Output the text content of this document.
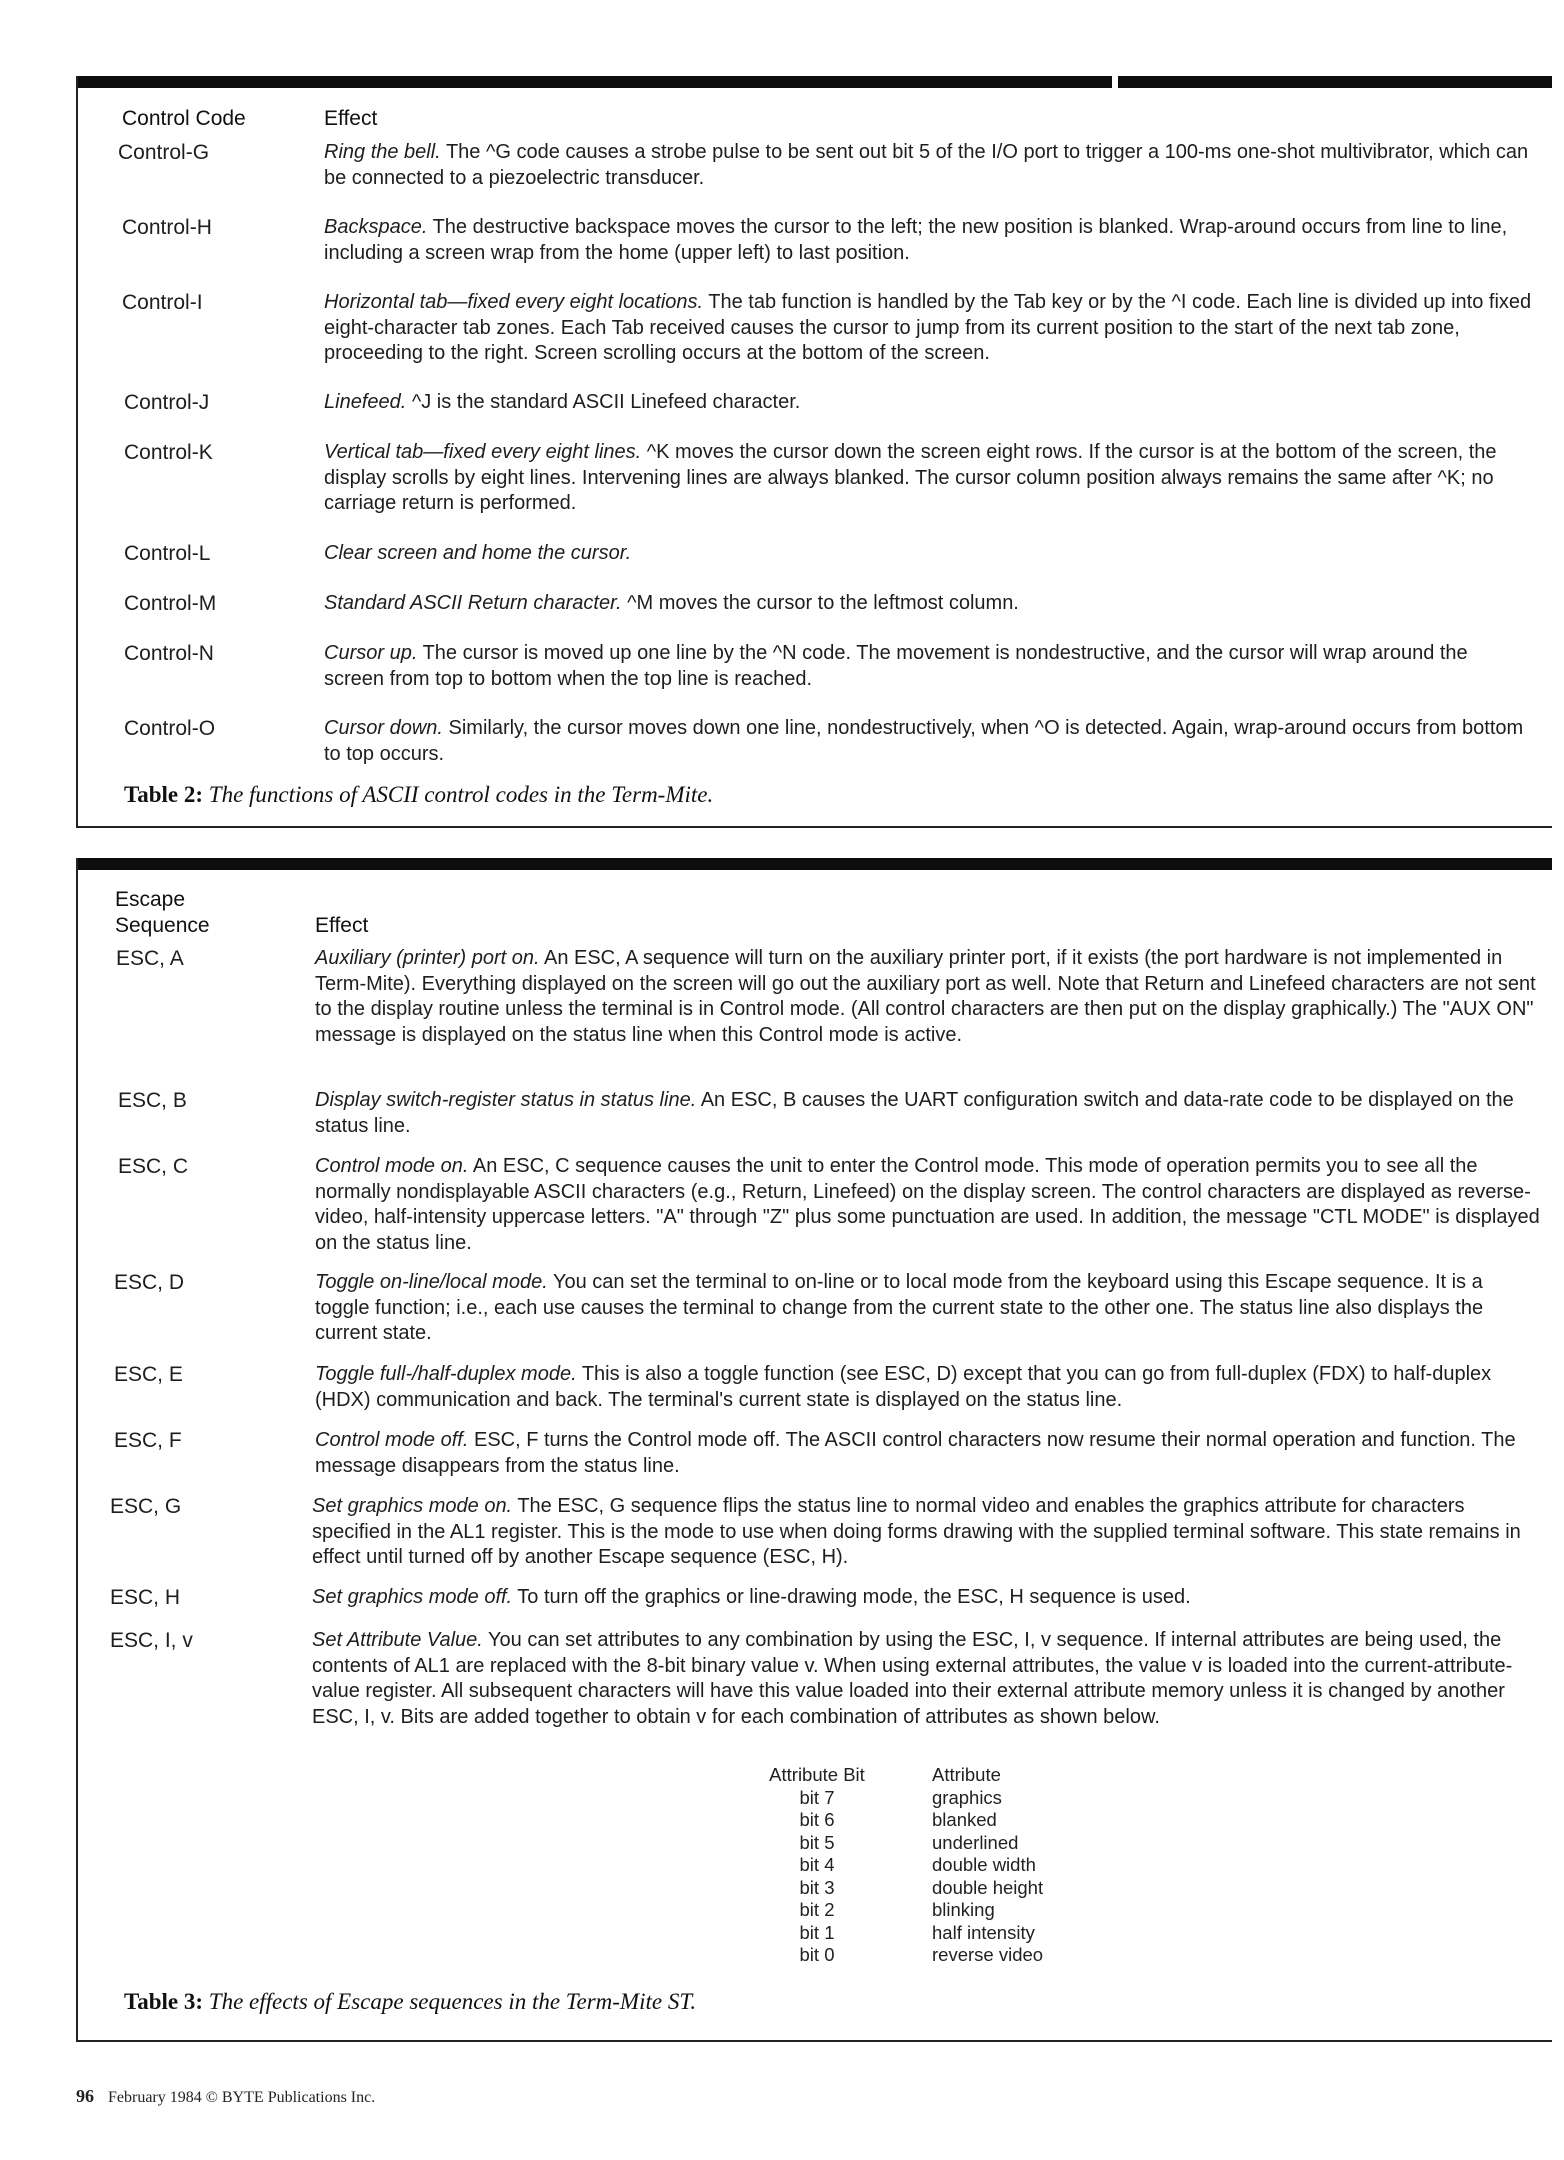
Control Code	Effect
Control-G	Ring the bell. The ^G code causes a strobe pulse to be sent out bit 5 of the I/O port to trigger a 100-ms one-shot multivibrator, which can be connected to a piezoelectric transducer.
Control-H	Backspace. The destructive backspace moves the cursor to the left; the new position is blanked. Wrap-around occurs from line to line, including a screen wrap from the home (upper left) to last position.
Control-I	Horizontal tab—fixed every eight locations. The tab function is handled by the Tab key or by the ^I code. Each line is divided up into fixed eight-character tab zones. Each Tab received causes the cursor to jump from its current position to the start of the next tab zone, proceeding to the right. Screen scrolling occurs at the bottom of the screen.
Control-J	Linefeed. ^J is the standard ASCII Linefeed character.
Control-K	Vertical tab—fixed every eight lines. ^K moves the cursor down the screen eight rows. If the cursor is at the bottom of the screen, the display scrolls by eight lines. Intervening lines are always blanked. The cursor column position always remains the same after ^K; no carriage return is performed.
Control-L	Clear screen and home the cursor.
Control-M	Standard ASCII Return character. ^M moves the cursor to the leftmost column.
Control-N	Cursor up. The cursor is moved up one line by the ^N code. The movement is nondestructive, and the cursor will wrap around the screen from top to bottom when the top line is reached.
Control-O	Cursor down. Similarly, the cursor moves down one line, nondestructively, when ^O is detected. Again, wrap-around occurs from bottom to top occurs.
Table 2: The functions of ASCII control codes in the Term-Mite.
Escape
Sequence	Effect
ESC, A	Auxiliary (printer) port on. An ESC, A sequence will turn on the auxiliary printer port, if it exists (the port hardware is not implemented in Term-Mite). Everything displayed on the screen will go out the auxiliary port as well. Note that Return and Linefeed characters are not sent to the display routine unless the terminal is in Control mode. (All control characters are then put on the display graphically.) The "AUX ON" message is displayed on the status line when this Control mode is active.
ESC, B	Display switch-register status in status line. An ESC, B causes the UART configuration switch and data-rate code to be displayed on the status line.
ESC, C	Control mode on. An ESC, C sequence causes the unit to enter the Control mode. This mode of operation permits you to see all the normally nondisplayable ASCII characters (e.g., Return, Linefeed) on the display screen. The control characters are displayed as reverse-video, half-intensity uppercase letters. "A" through "Z" plus some punctuation are used. In addition, the message "CTL MODE" is displayed on the status line.
ESC, D	Toggle on-line/local mode. You can set the terminal to on-line or to local mode from the keyboard using this Escape sequence. It is a toggle function; i.e., each use causes the terminal to change from the current state to the other one. The status line also displays the current state.
ESC, E	Toggle full-/half-duplex mode. This is also a toggle function (see ESC, D) except that you can go from full-duplex (FDX) to half-duplex (HDX) communication and back. The terminal's current state is displayed on the status line.
ESC, F	Control mode off. ESC, F turns the Control mode off. The ASCII control characters now resume their normal operation and function. The message disappears from the status line.
ESC, G	Set graphics mode on. The ESC, G sequence flips the status line to normal video and enables the graphics attribute for characters specified in the AL1 register. This is the mode to use when doing forms drawing with the supplied terminal software. This state remains in effect until turned off by another Escape sequence (ESC, H).
ESC, H	Set graphics mode off. To turn off the graphics or line-drawing mode, the ESC, H sequence is used.
ESC, I, v	Set Attribute Value. You can set attributes to any combination by using the ESC, I, v sequence. If internal attributes are being used, the contents of AL1 are replaced with the 8-bit binary value v. When using external attributes, the value v is loaded into the current-attribute-value register. All subsequent characters will have this value loaded into their external attribute memory unless it is changed by another ESC, I, v. Bits are added together to obtain v for each combination of attributes as shown below.
Attribute Bit	Attribute
bit 7	graphics
bit 6	blanked
bit 5	underlined
bit 4	double width
bit 3	double height
bit 2	blinking
bit 1	half intensity
bit 0	reverse video
Table 3: The effects of Escape sequences in the Term-Mite ST.
96 February 1984 © BYTE Publications Inc.
